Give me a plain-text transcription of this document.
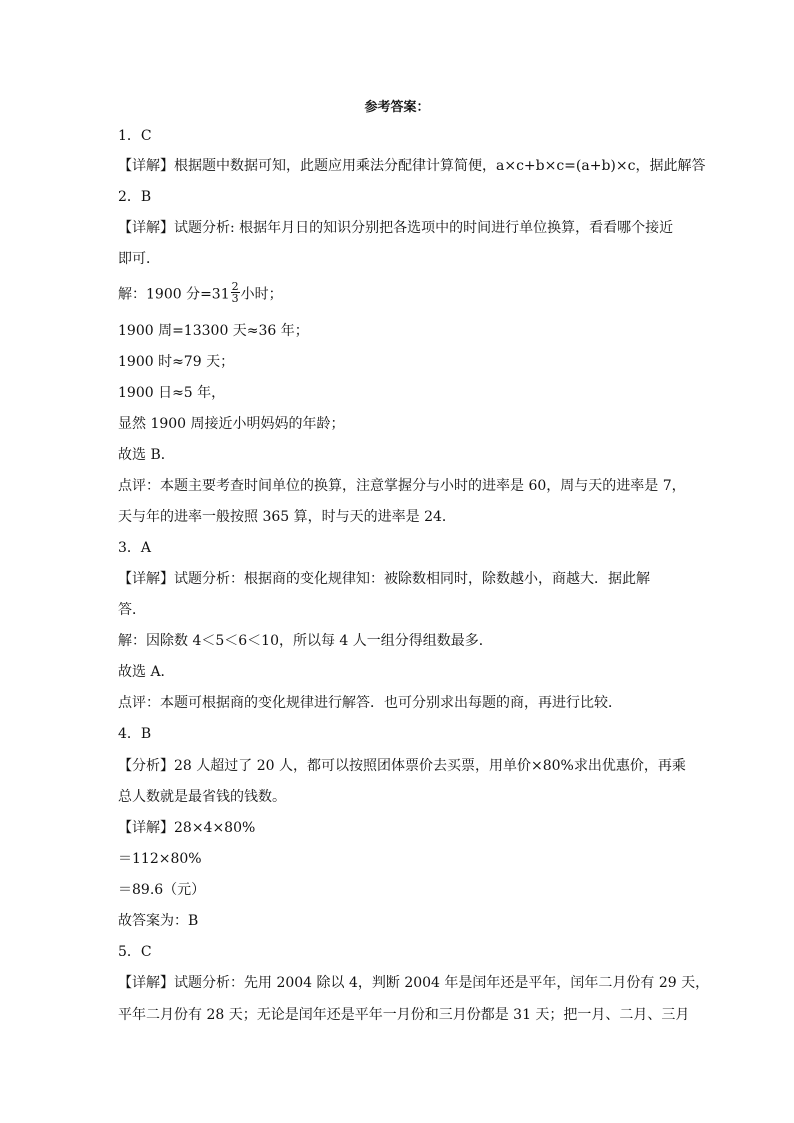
参考答案：
1．C
【详解】根据题中数据可知，此题应用乘法分配律计算简便，a×c+b×c=(a+b)×c，据此解答
2．B
【详解】试题分析: 根据年月日的知识分别把各选项中的时间进行单位换算，看看哪个接近
即可．
解：1900 分$=31 \frac{2}{3}$ 小时；
1900 周=13300 天≈36 年；
1900 时≈79 天；
1900 日≈5 年，
显然 1900 周接近小明妈妈的年龄；
故选 B．
点评：本题主要考查时间单位的换算，注意掌握分与小时的进率是 60，周与天的进率是 7，
天与年的进率一般按照 365 算，时与天的进率是 24．
3．A
【详解】试题分析：根据商的变化规律知：被除数相同时，除数越小，商越大．据此解
答．
解：因除数 4＜5＜6＜10，所以每 4 人一组分得组数最多．
故选 A．
点评：本题可根据商的变化规律进行解答．也可分别求出每题的商，再进行比较．
4．B
【分析】28 人超过了 20 人，都可以按照团体票价去买票，用单价×80%求出优惠价，再乘
总人数就是最省钱的钱数。
【详解】28×4×80%
＝112×80%
＝89.6（元）
故答案为：B
5．C
【详解】试题分析：先用 2004 除以 4，判断 2004 年是闰年还是平年，闰年二月份有 29 天，
平年二月份有 28 天；无论是闰年还是平年一月份和三月份都是 31 天；把一月、二月、三月
